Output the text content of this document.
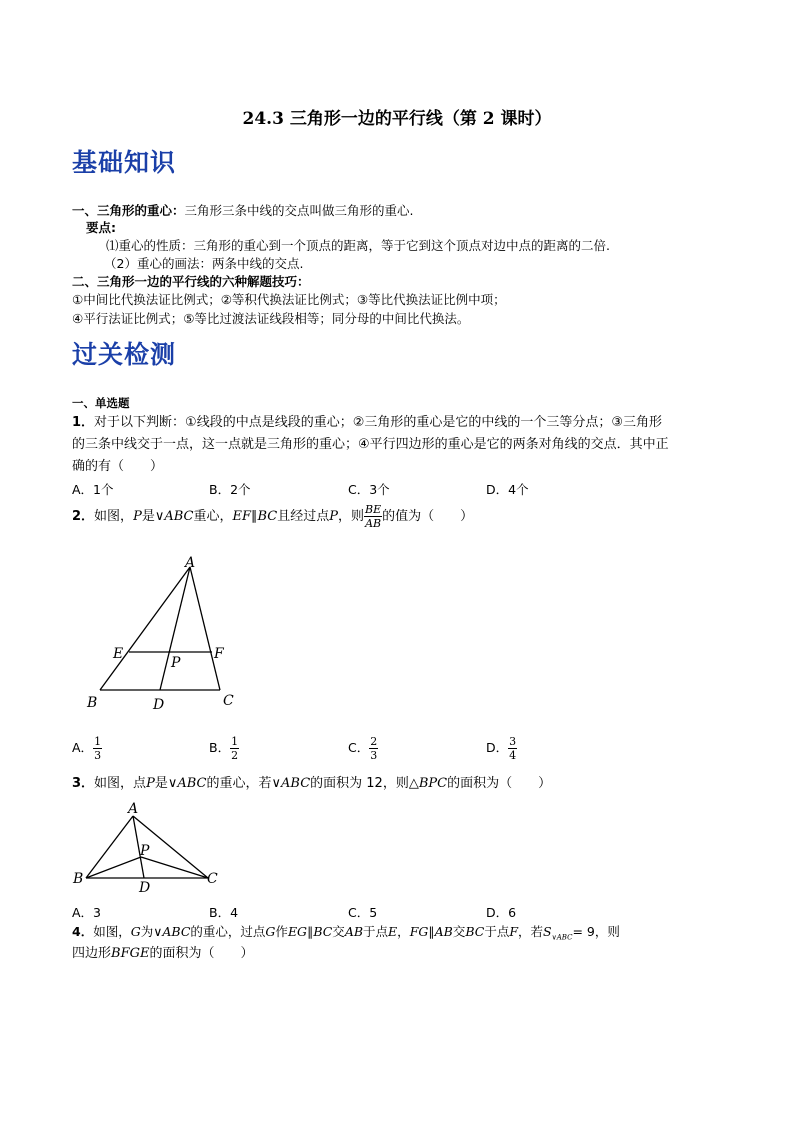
24.3 三角形一边的平行线（第 2 课时）
基础知识
一、三角形的重心：三角形三条中线的交点叫做三角形的重心.
要点:
⑴重心的性质：三角形的重心到一个顶点的距离，等于它到这个顶点对边中点的距离的二倍.
（2）重心的画法：两条中线的交点.
二、三角形一边的平行线的六种解题技巧：
①中间比代换法证比例式；②等积代换法证比例式；③等比代换法证比例中项；
④平行法证比例式；⑤等比过渡法证线段相等；同分母的中间比代换法。
过关检测
一、单选题
1．对于以下判断：①线段的中点是线段的重心；②三角形的重心是它的中线的一个三等分点；③三角形
的三条中线交于一点，这一点就是三角形的重心；④平行四边形的重心是它的两条对角线的交点．其中正
确的有（　　）
A．1个	B．2个	C．3个	D．4个
2．如图，P是∨ABC重心，EF∥BC且经过点P，则 $\frac{BE}{AB}$ 的值为（　　）
A
E	F
P
B	D	C
A． $\frac{1}{3}$	B． $\frac{1}{2}$	C． $\frac{2}{3}$	D． $\frac{3}{4}$
3．如图，点P是∨ABC的重心，若∨ABC的面积为 12，则△BPC的面积为（　　）
A
P
B
D
C
A．3	B．4	C．5	D．6
4．如图，G为∨ABC的重心，过点G作EG∥BC交AB于点E，FG∥AB交BC于点F，若$S_{\vee ABC}= 9$，则
四边形BFGE的面积为（　　）
